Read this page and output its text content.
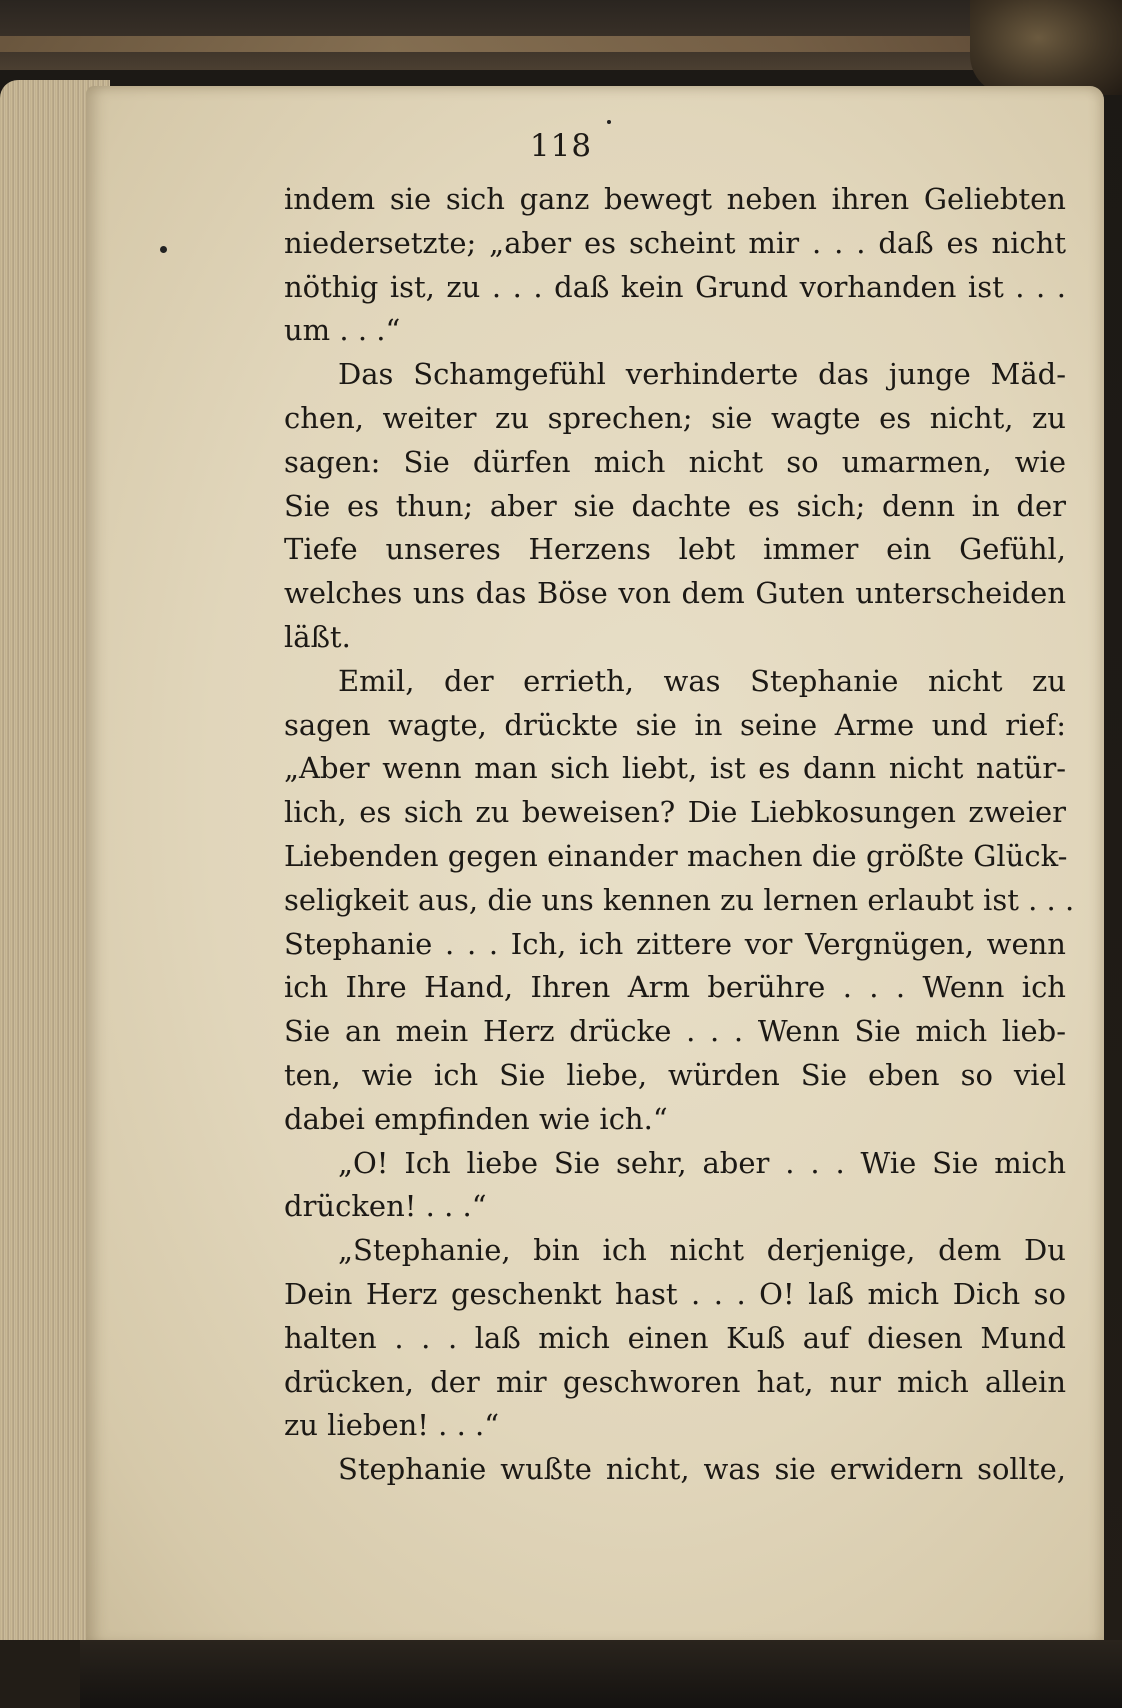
118
indem sie sich ganz bewegt neben ihren Geliebten
niedersetzte; „aber es scheint mir . . . daß es nicht
nöthig ist, zu . . . daß kein Grund vorhanden ist . . .
um . . .“
Das Schamgefühl verhinderte das junge Mäd-
chen, weiter zu sprechen; sie wagte es nicht, zu
sagen: Sie dürfen mich nicht so umarmen, wie
Sie es thun; aber sie dachte es sich; denn in der
Tiefe unseres Herzens lebt immer ein Gefühl,
welches uns das Böse von dem Guten unterscheiden
läßt.
Emil, der errieth, was Stephanie nicht zu
sagen wagte, drückte sie in seine Arme und rief:
„Aber wenn man sich liebt, ist es dann nicht natür-
lich, es sich zu beweisen? Die Liebkosungen zweier
Liebenden gegen einander machen die größte Glück-
seligkeit aus, die uns kennen zu lernen erlaubt ist . . .
Stephanie . . . Ich, ich zittere vor Vergnügen, wenn
ich Ihre Hand, Ihren Arm berühre . . . Wenn ich
Sie an mein Herz drücke . . . Wenn Sie mich lieb-
ten, wie ich Sie liebe, würden Sie eben so viel
dabei empfinden wie ich.“
„O! Ich liebe Sie sehr, aber . . . Wie Sie mich
drücken! . . .“
„Stephanie, bin ich nicht derjenige, dem Du
Dein Herz geschenkt hast . . . O! laß mich Dich so
halten . . . laß mich einen Kuß auf diesen Mund
drücken, der mir geschworen hat, nur mich allein
zu lieben! . . .“
Stephanie wußte nicht, was sie erwidern sollte,
